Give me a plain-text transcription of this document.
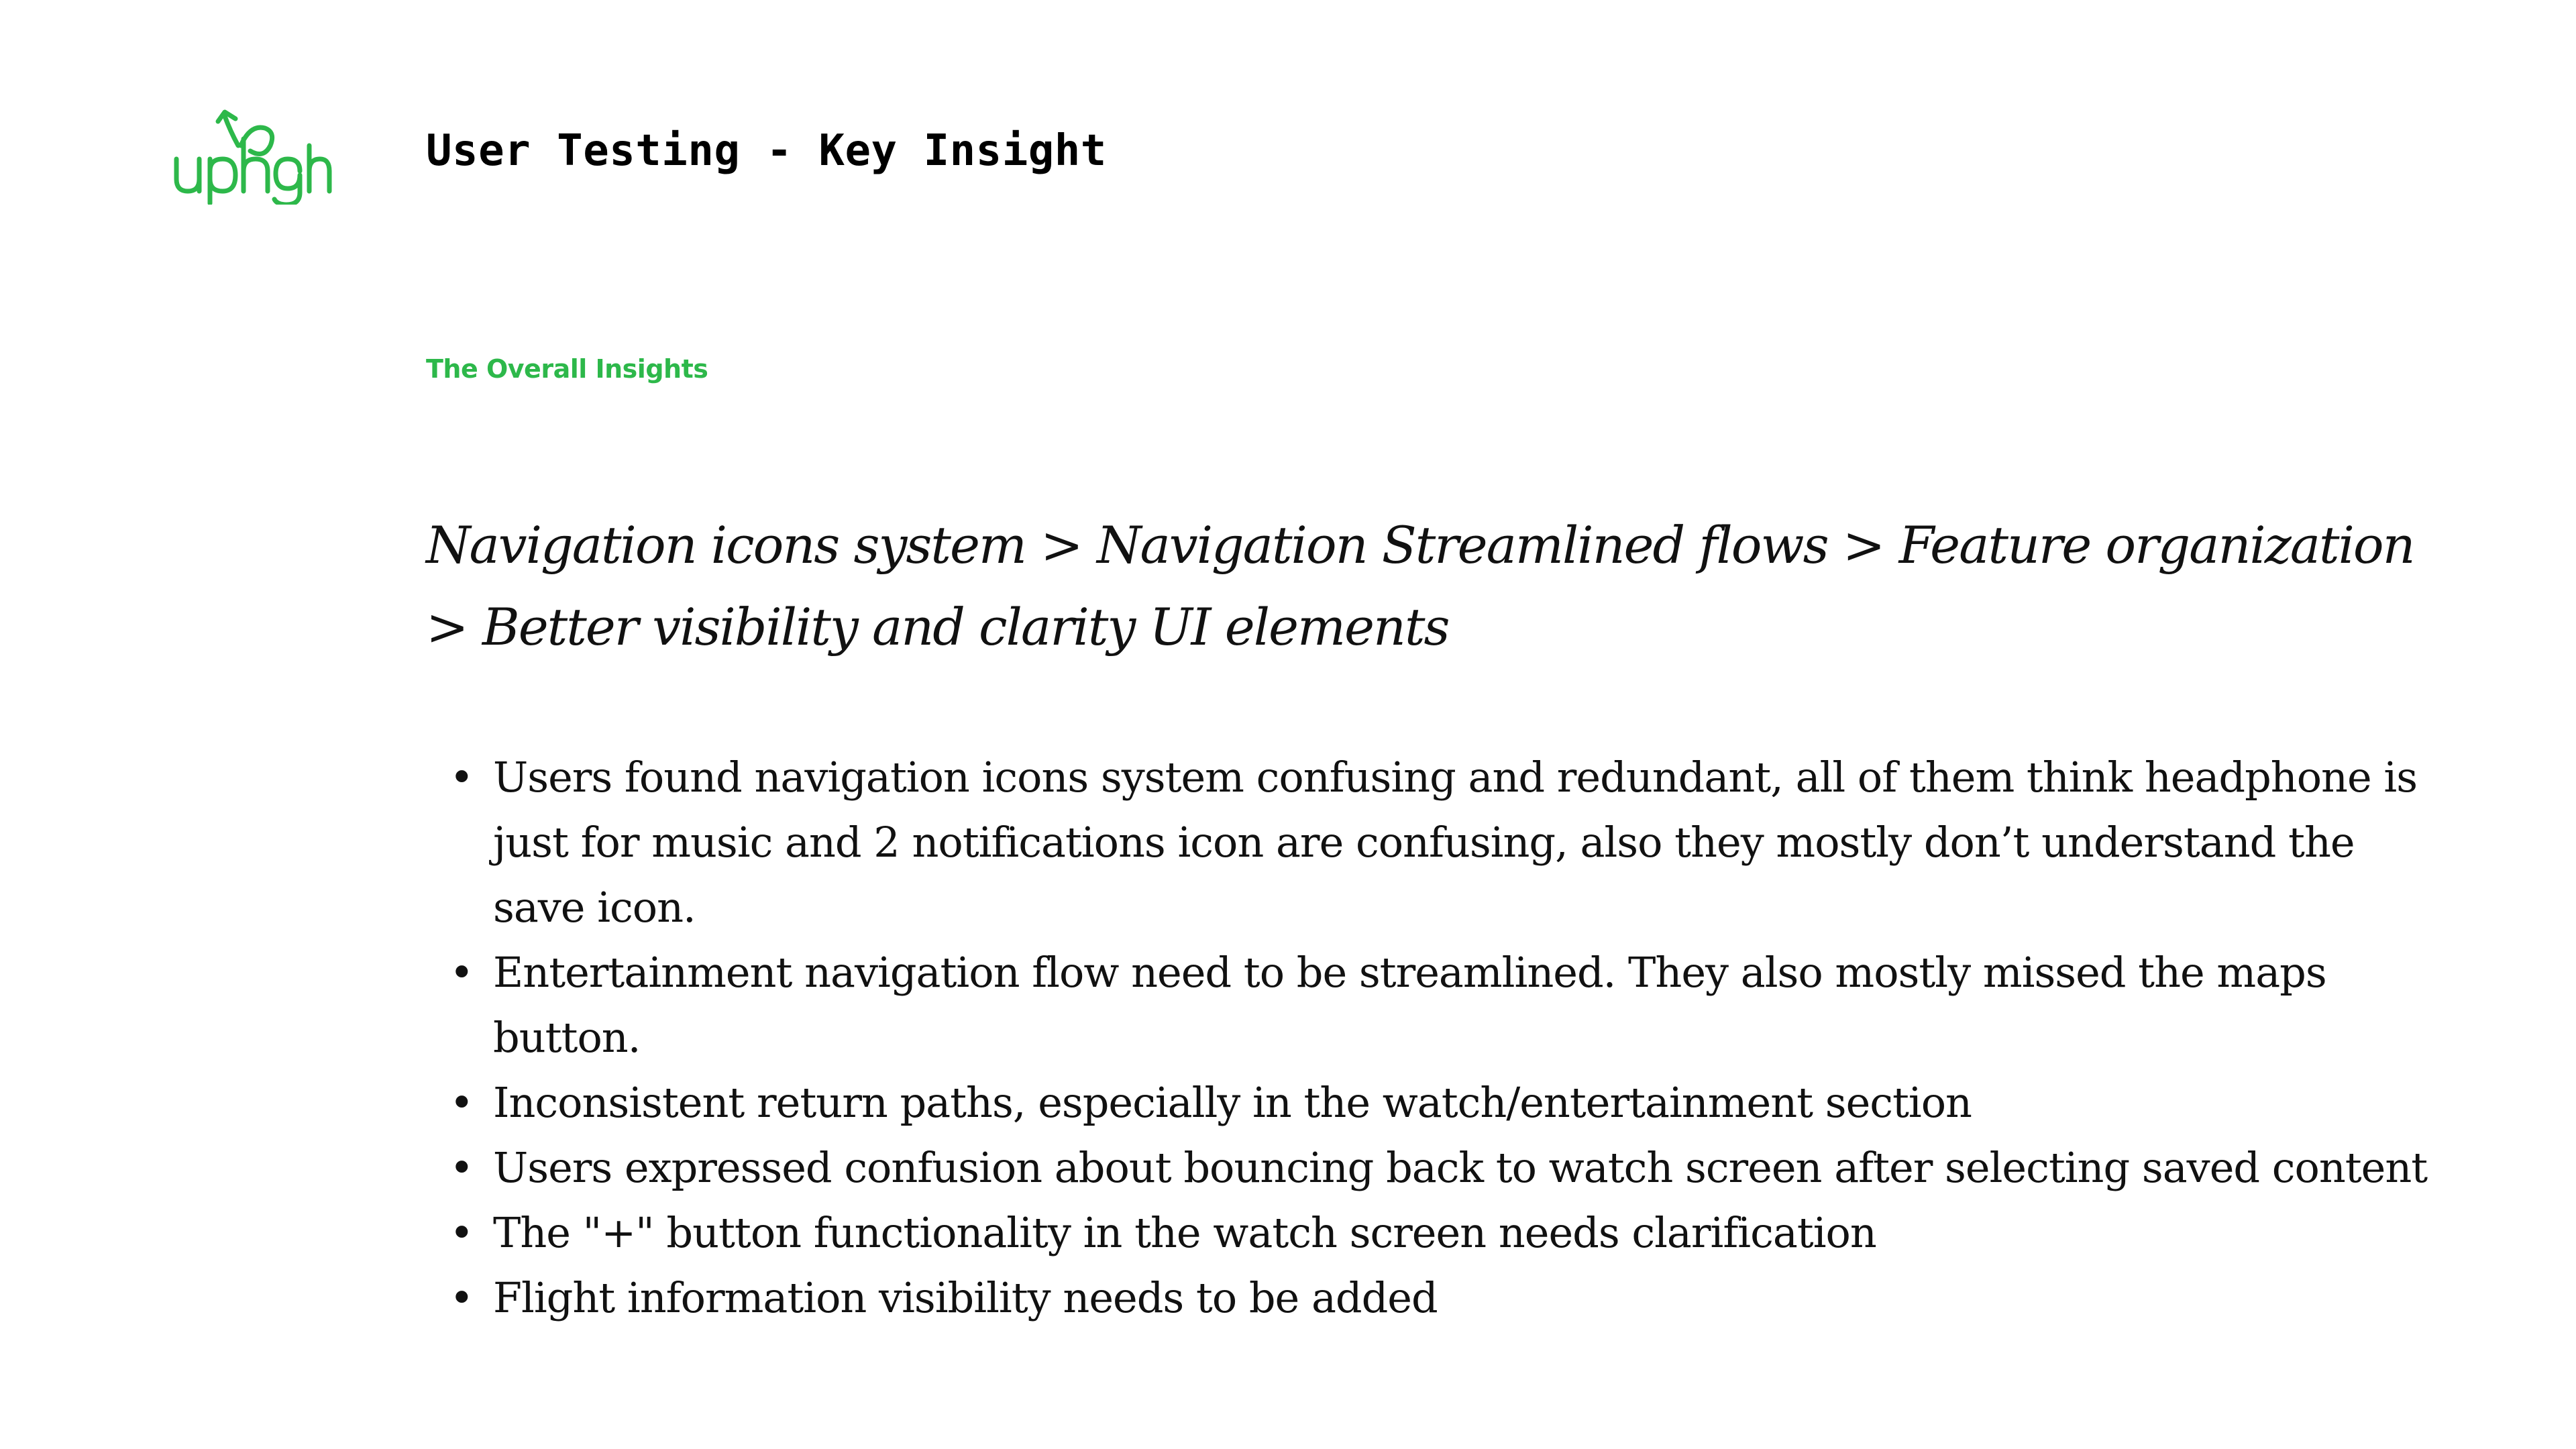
User Testing - Key Insight
The Overall Insights

Navigation icons system > Navigation Streamlined flows > Feature organization > Better visibility and clarity UI elements

• Users found navigation icons system confusing and redundant, all of them think headphone is just for music and 2 notifications icon are confusing, also they mostly don’t understand the save icon.
• Entertainment navigation flow need to be streamlined. They also mostly missed the maps button.
• Inconsistent return paths, especially in the watch/entertainment section
• Users expressed confusion about bouncing back to watch screen after selecting saved content
• The "+" button functionality in the watch screen needs clarification
• Flight information visibility needs to be added
